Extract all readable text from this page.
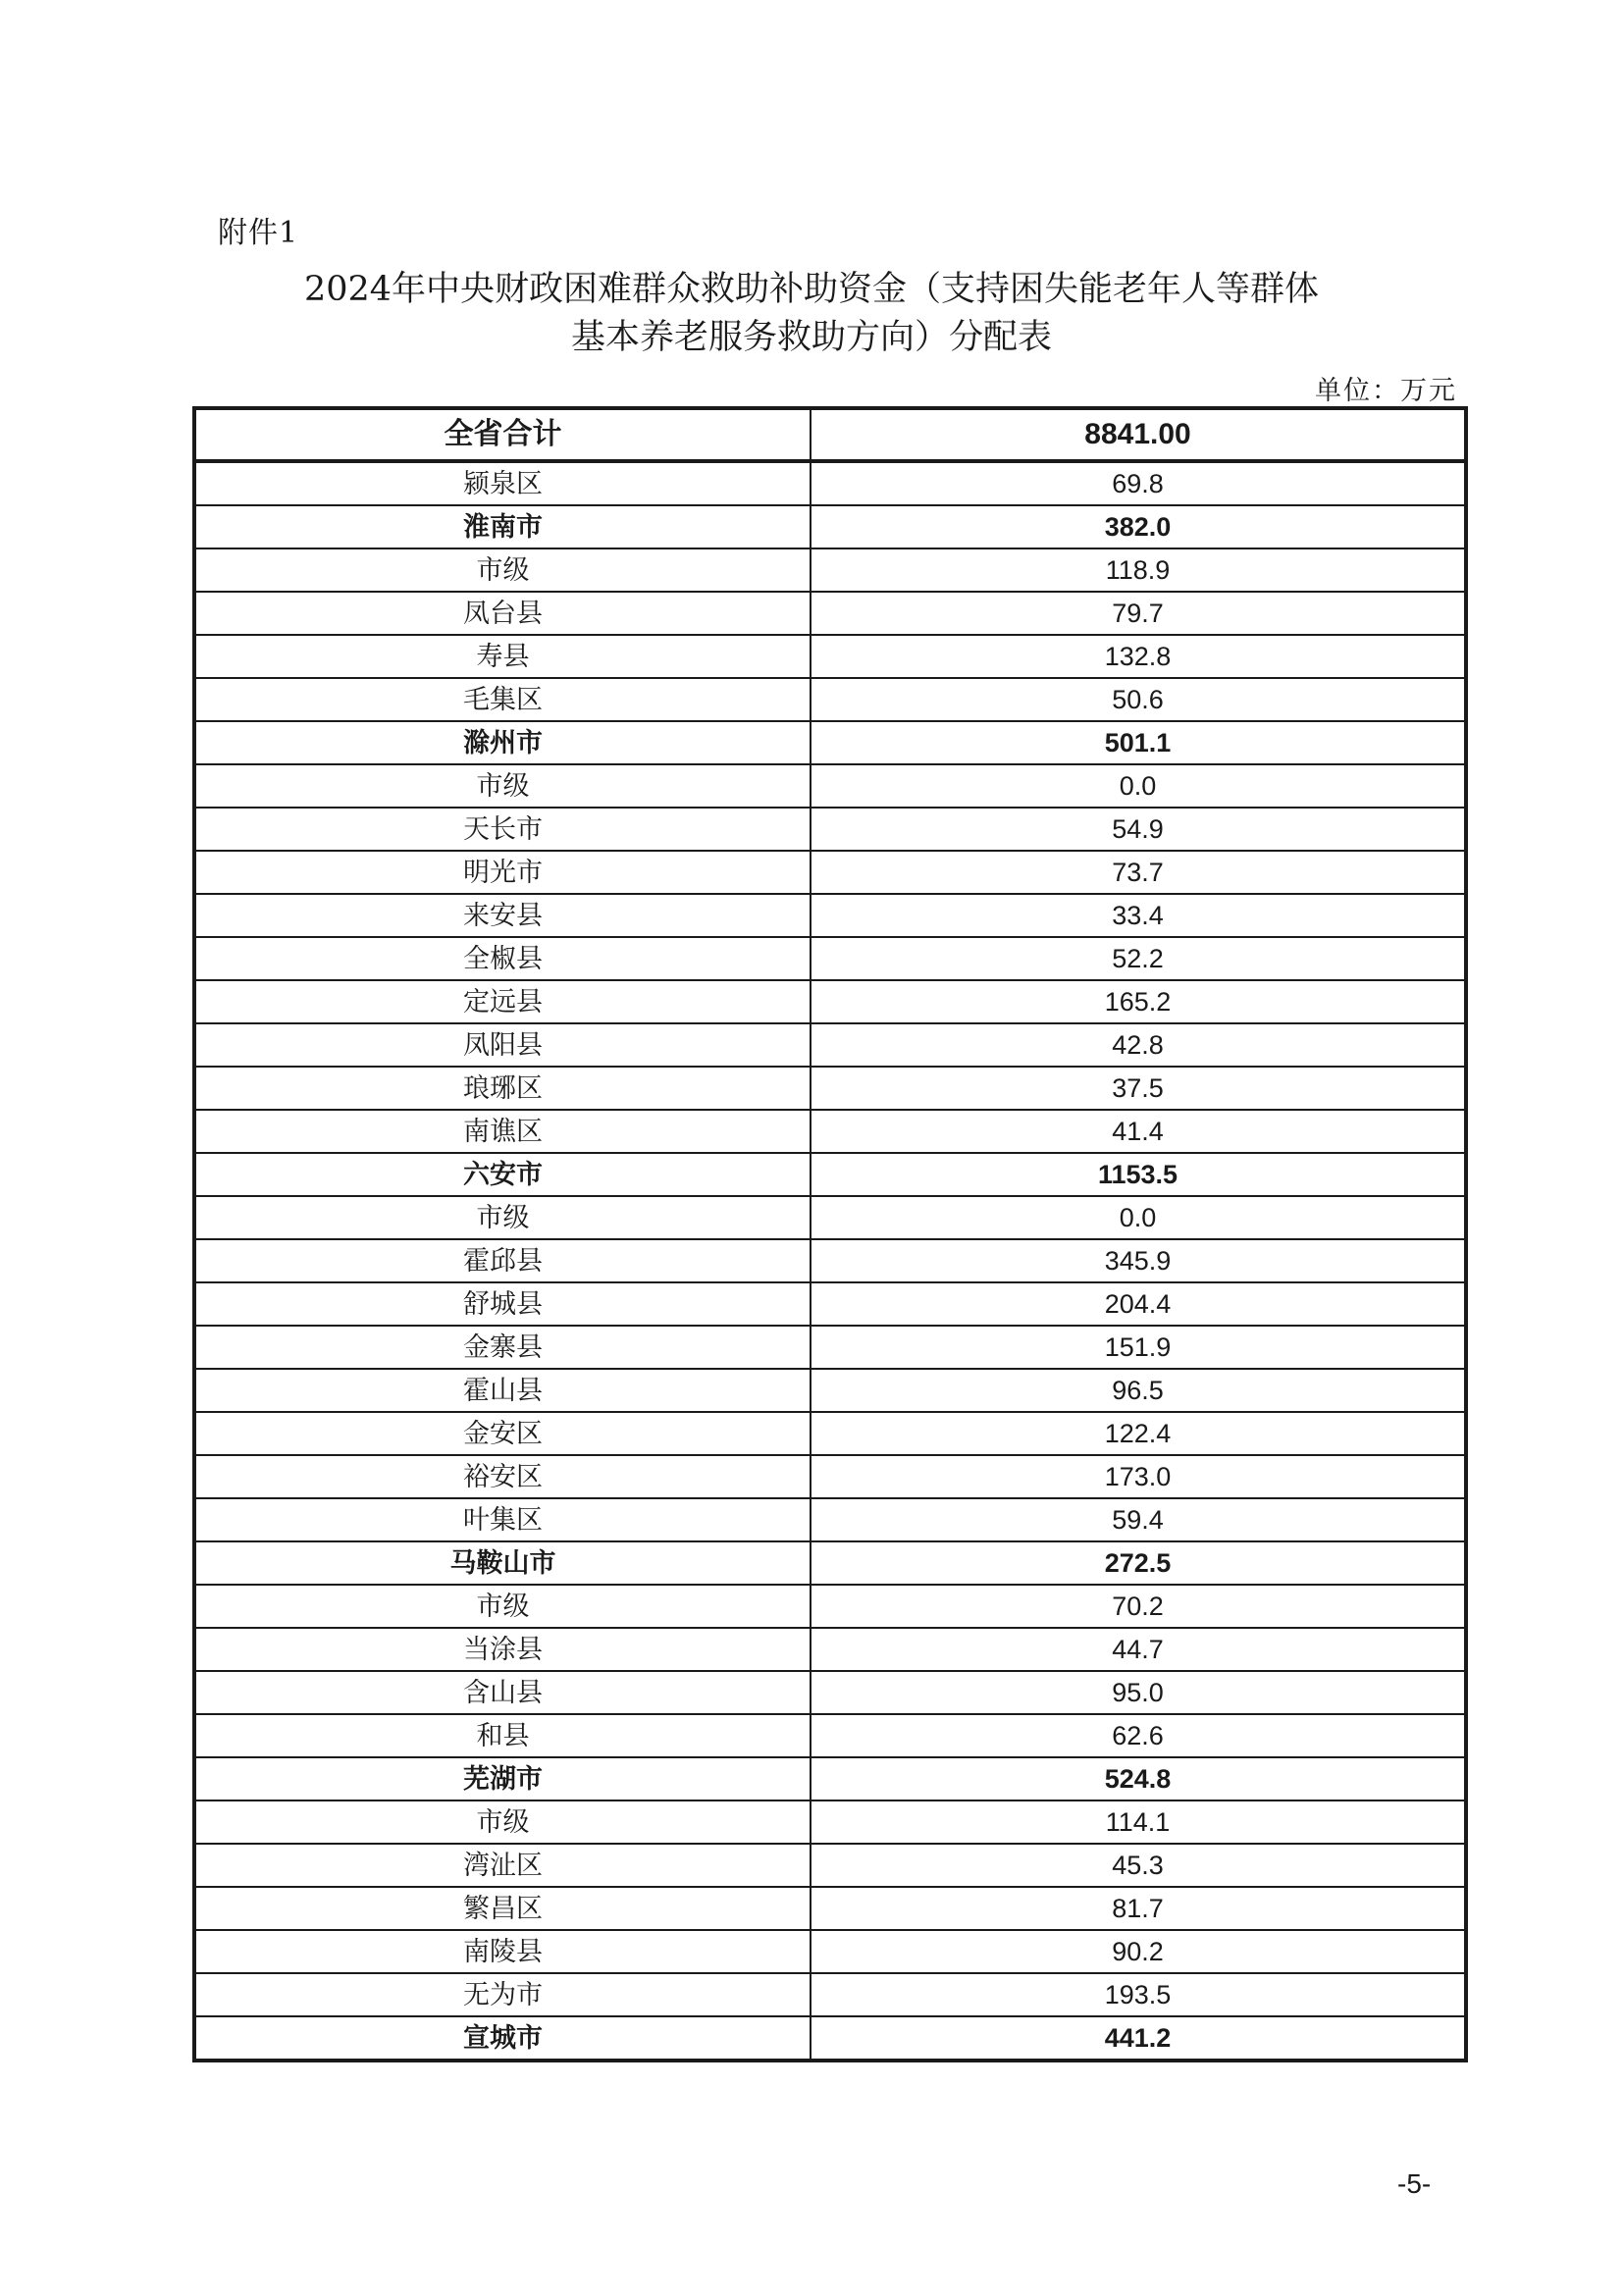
附件1
2024年中央财政困难群众救助补助资金（支持困失能老年人等群体
基本养老服务救助方向）分配表
单位：万元
全省合计	8841.00
颍泉区	69.8
淮南市	382.0
市级	118.9
凤台县	79.7
寿县	132.8
毛集区	50.6
滁州市	501.1
市级	0.0
天长市	54.9
明光市	73.7
来安县	33.4
全椒县	52.2
定远县	165.2
凤阳县	42.8
琅琊区	37.5
南谯区	41.4
六安市	1153.5
市级	0.0
霍邱县	345.9
舒城县	204.4
金寨县	151.9
霍山县	96.5
金安区	122.4
裕安区	173.0
叶集区	59.4
马鞍山市	272.5
市级	70.2
当涂县	44.7
含山县	95.0
和县	62.6
芜湖市	524.8
市级	114.1
湾沚区	45.3
繁昌区	81.7
南陵县	90.2
无为市	193.5
宣城市	441.2
-5-
